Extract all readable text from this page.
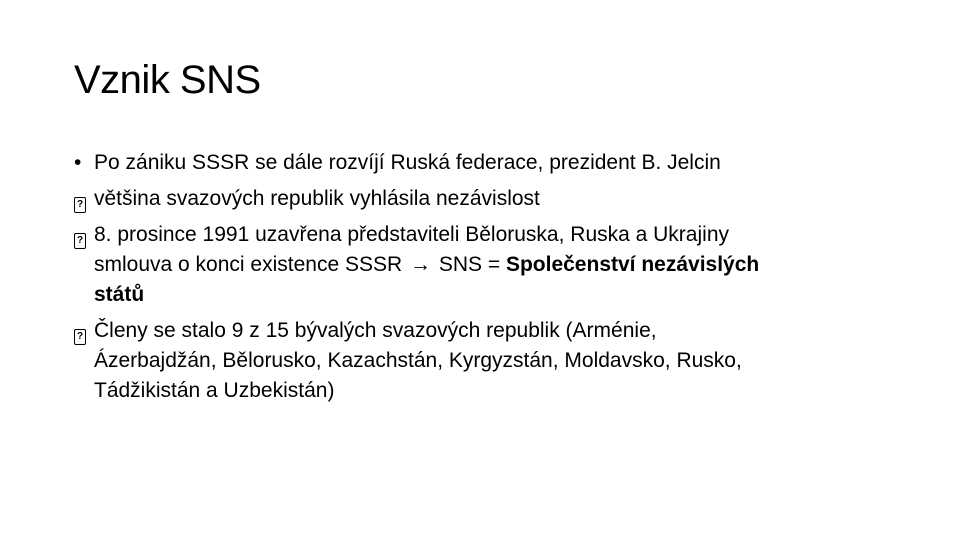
Vznik SNS
• Po zániku SSSR se dále rozvíjí Ruská federace, prezident B. Jelcin
? většina svazových republik vyhlásila nezávislost
? 8. prosince 1991 uzavřena představiteli Běloruska, Ruska a Ukrajiny
smlouva o konci existence SSSR → SNS = Společenství nezávislých
států
? Členy se stalo 9 z 15 bývalých svazových republik (Arménie,
Ázerbajdžán, Bělorusko, Kazachstán, Kyrgyzstán, Moldavsko, Rusko,
Tádžikistán a Uzbekistán)
